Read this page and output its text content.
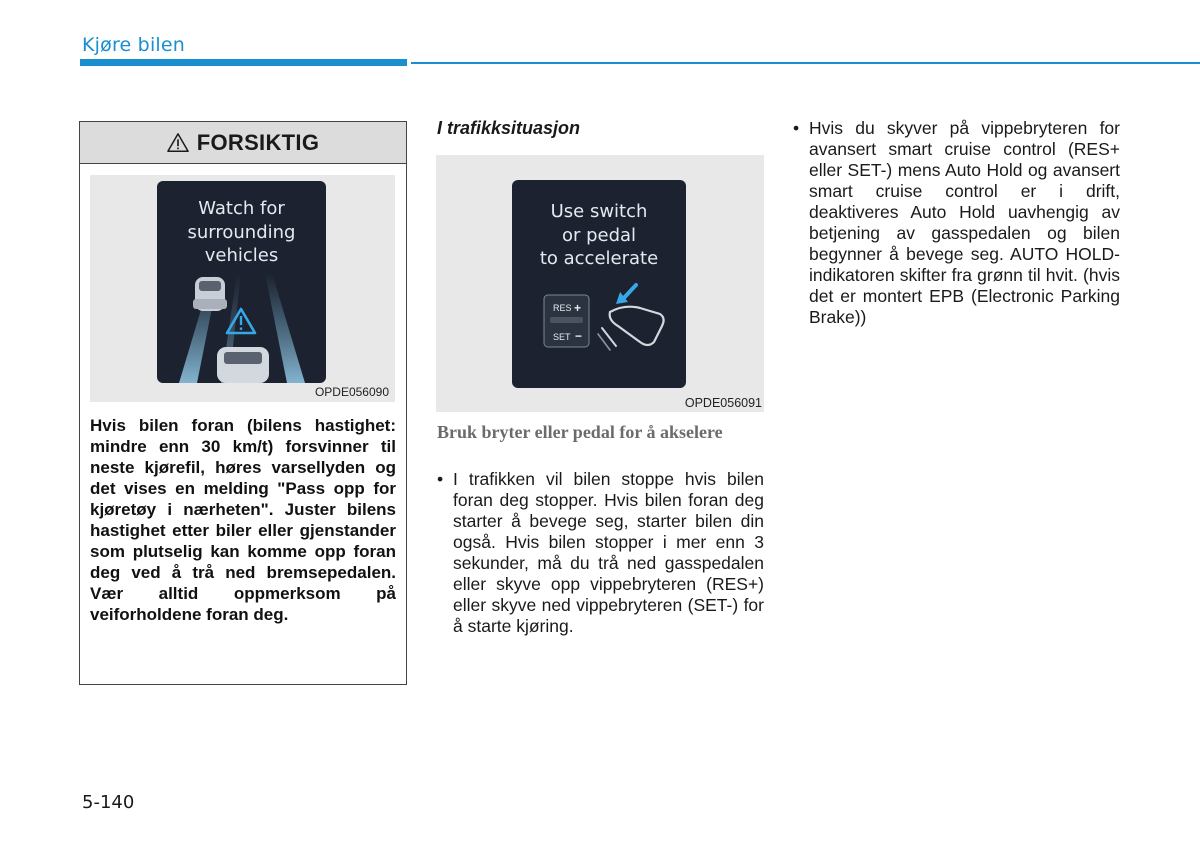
Kjøre bilen
FORSIKTIG
Watch for
surrounding
vehicles
OPDE056090
Hvis bilen foran (bilens hastighet: mindre enn 30 km/t) forsvinner til neste kjørefil, høres varsellyden og det vises en melding "Pass opp for kjøretøy i nærheten". Juster bilens hastighet etter biler eller gjenstander som plutselig kan komme opp foran deg ved å trå ned bremsepedalen. Vær alltid oppmerksom på veiforholdene foran deg.
I trafikksituasjon
Use switch
or pedal
to accelerate
RES +
SET −
OPDE056091
Bruk bryter eller pedal for å akselere
• I trafikken vil bilen stoppe hvis bilen foran deg stopper. Hvis bilen foran deg starter å bevege seg, starter bilen din også. Hvis bilen stopper i mer enn 3 sekunder, må du trå ned gasspedalen eller skyve opp vippebryteren (RES+) eller skyve ned vippebryteren (SET-) for å starte kjøring.
• Hvis du skyver på vippebryteren for avansert smart cruise control (RES+ eller SET-) mens Auto Hold og avansert smart cruise control er i drift, deaktiveres Auto Hold uavhengig av betjening av gasspedalen og bilen begynner å bevege seg. AUTO HOLD-indikatoren skifter fra grønn til hvit. (hvis det er montert EPB (Electronic Parking Brake))
5-140
